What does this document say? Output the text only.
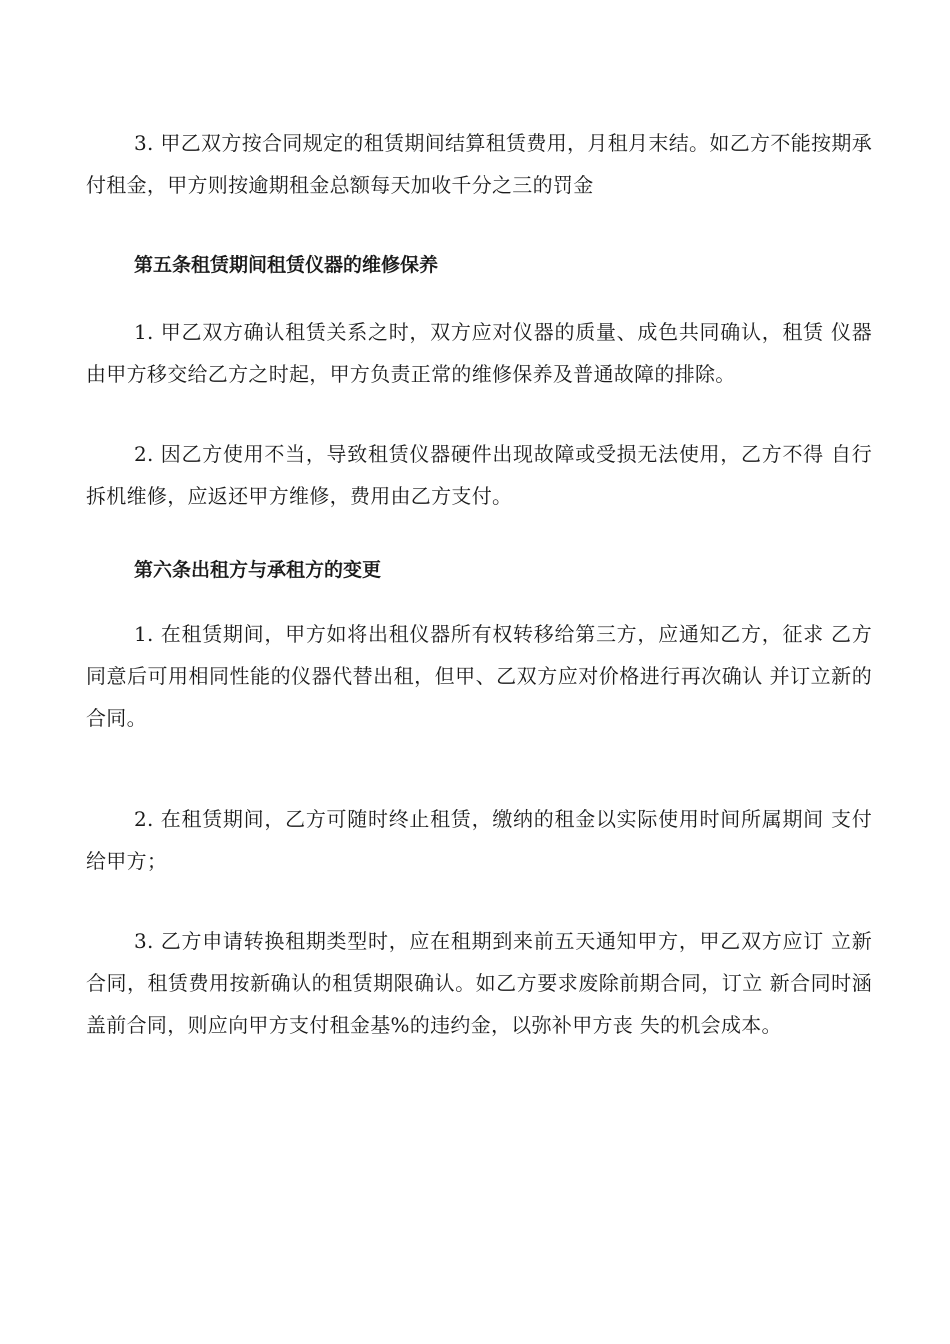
3. 甲乙双方按合同规定的租赁期间结算租赁费用，月租月末结。如乙方不能按期承付租金，甲方则按逾期租金总额每天加收千分之三的罚金

第五条租赁期间租赁仪器的维修保养

1. 甲乙双方确认租赁关系之时，双方应对仪器的质量、成色共同确认，租赁 仪器由甲方移交给乙方之时起，甲方负责正常的维修保养及普通故障的排除。

2. 因乙方使用不当，导致租赁仪器硬件出现故障或受损无法使用，乙方不得 自行拆机维修，应返还甲方维修，费用由乙方支付。

第六条出租方与承租方的变更

1. 在租赁期间，甲方如将出租仪器所有权转移给第三方，应通知乙方，征求 乙方同意后可用相同性能的仪器代替出租，但甲、乙双方应对价格进行再次确认 并订立新的合同。

2. 在租赁期间，乙方可随时终止租赁，缴纳的租金以实际使用时间所属期间 支付给甲方；

3. 乙方申请转换租期类型时，应在租期到来前五天通知甲方，甲乙双方应订 立新合同，租赁费用按新确认的租赁期限确认。如乙方要求废除前期合同，订立 新合同时涵盖前合同，则应向甲方支付租金基%的违约金，以弥补甲方丧 失的机会成本。
